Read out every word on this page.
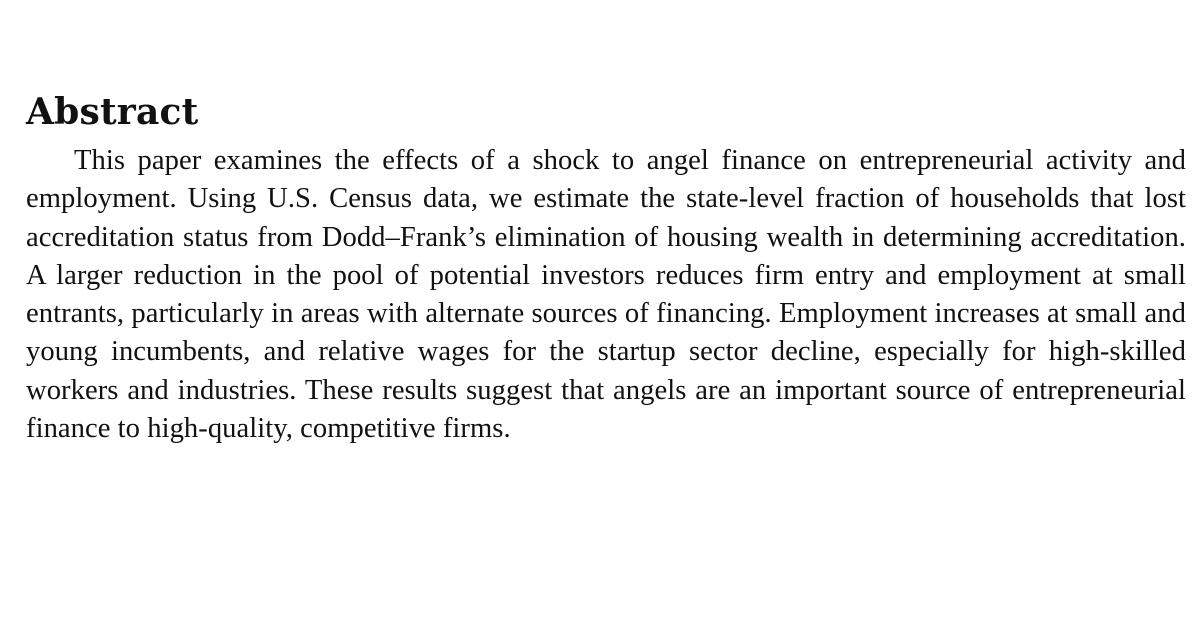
Abstract

This paper examines the effects of a shock to angel finance on entrepreneurial activity and employment. Using U.S. Census data, we estimate the state-level fraction of households that lost accreditation status from Dodd–Frank’s elimination of housing wealth in determining accreditation. A larger reduction in the pool of potential investors reduces firm entry and employment at small entrants, particularly in areas with alternate sources of financing. Employment increases at small and young incumbents, and relative wages for the startup sector decline, especially for high-skilled workers and industries. These results suggest that angels are an important source of entrepreneurial finance to high-quality, competitive firms.
